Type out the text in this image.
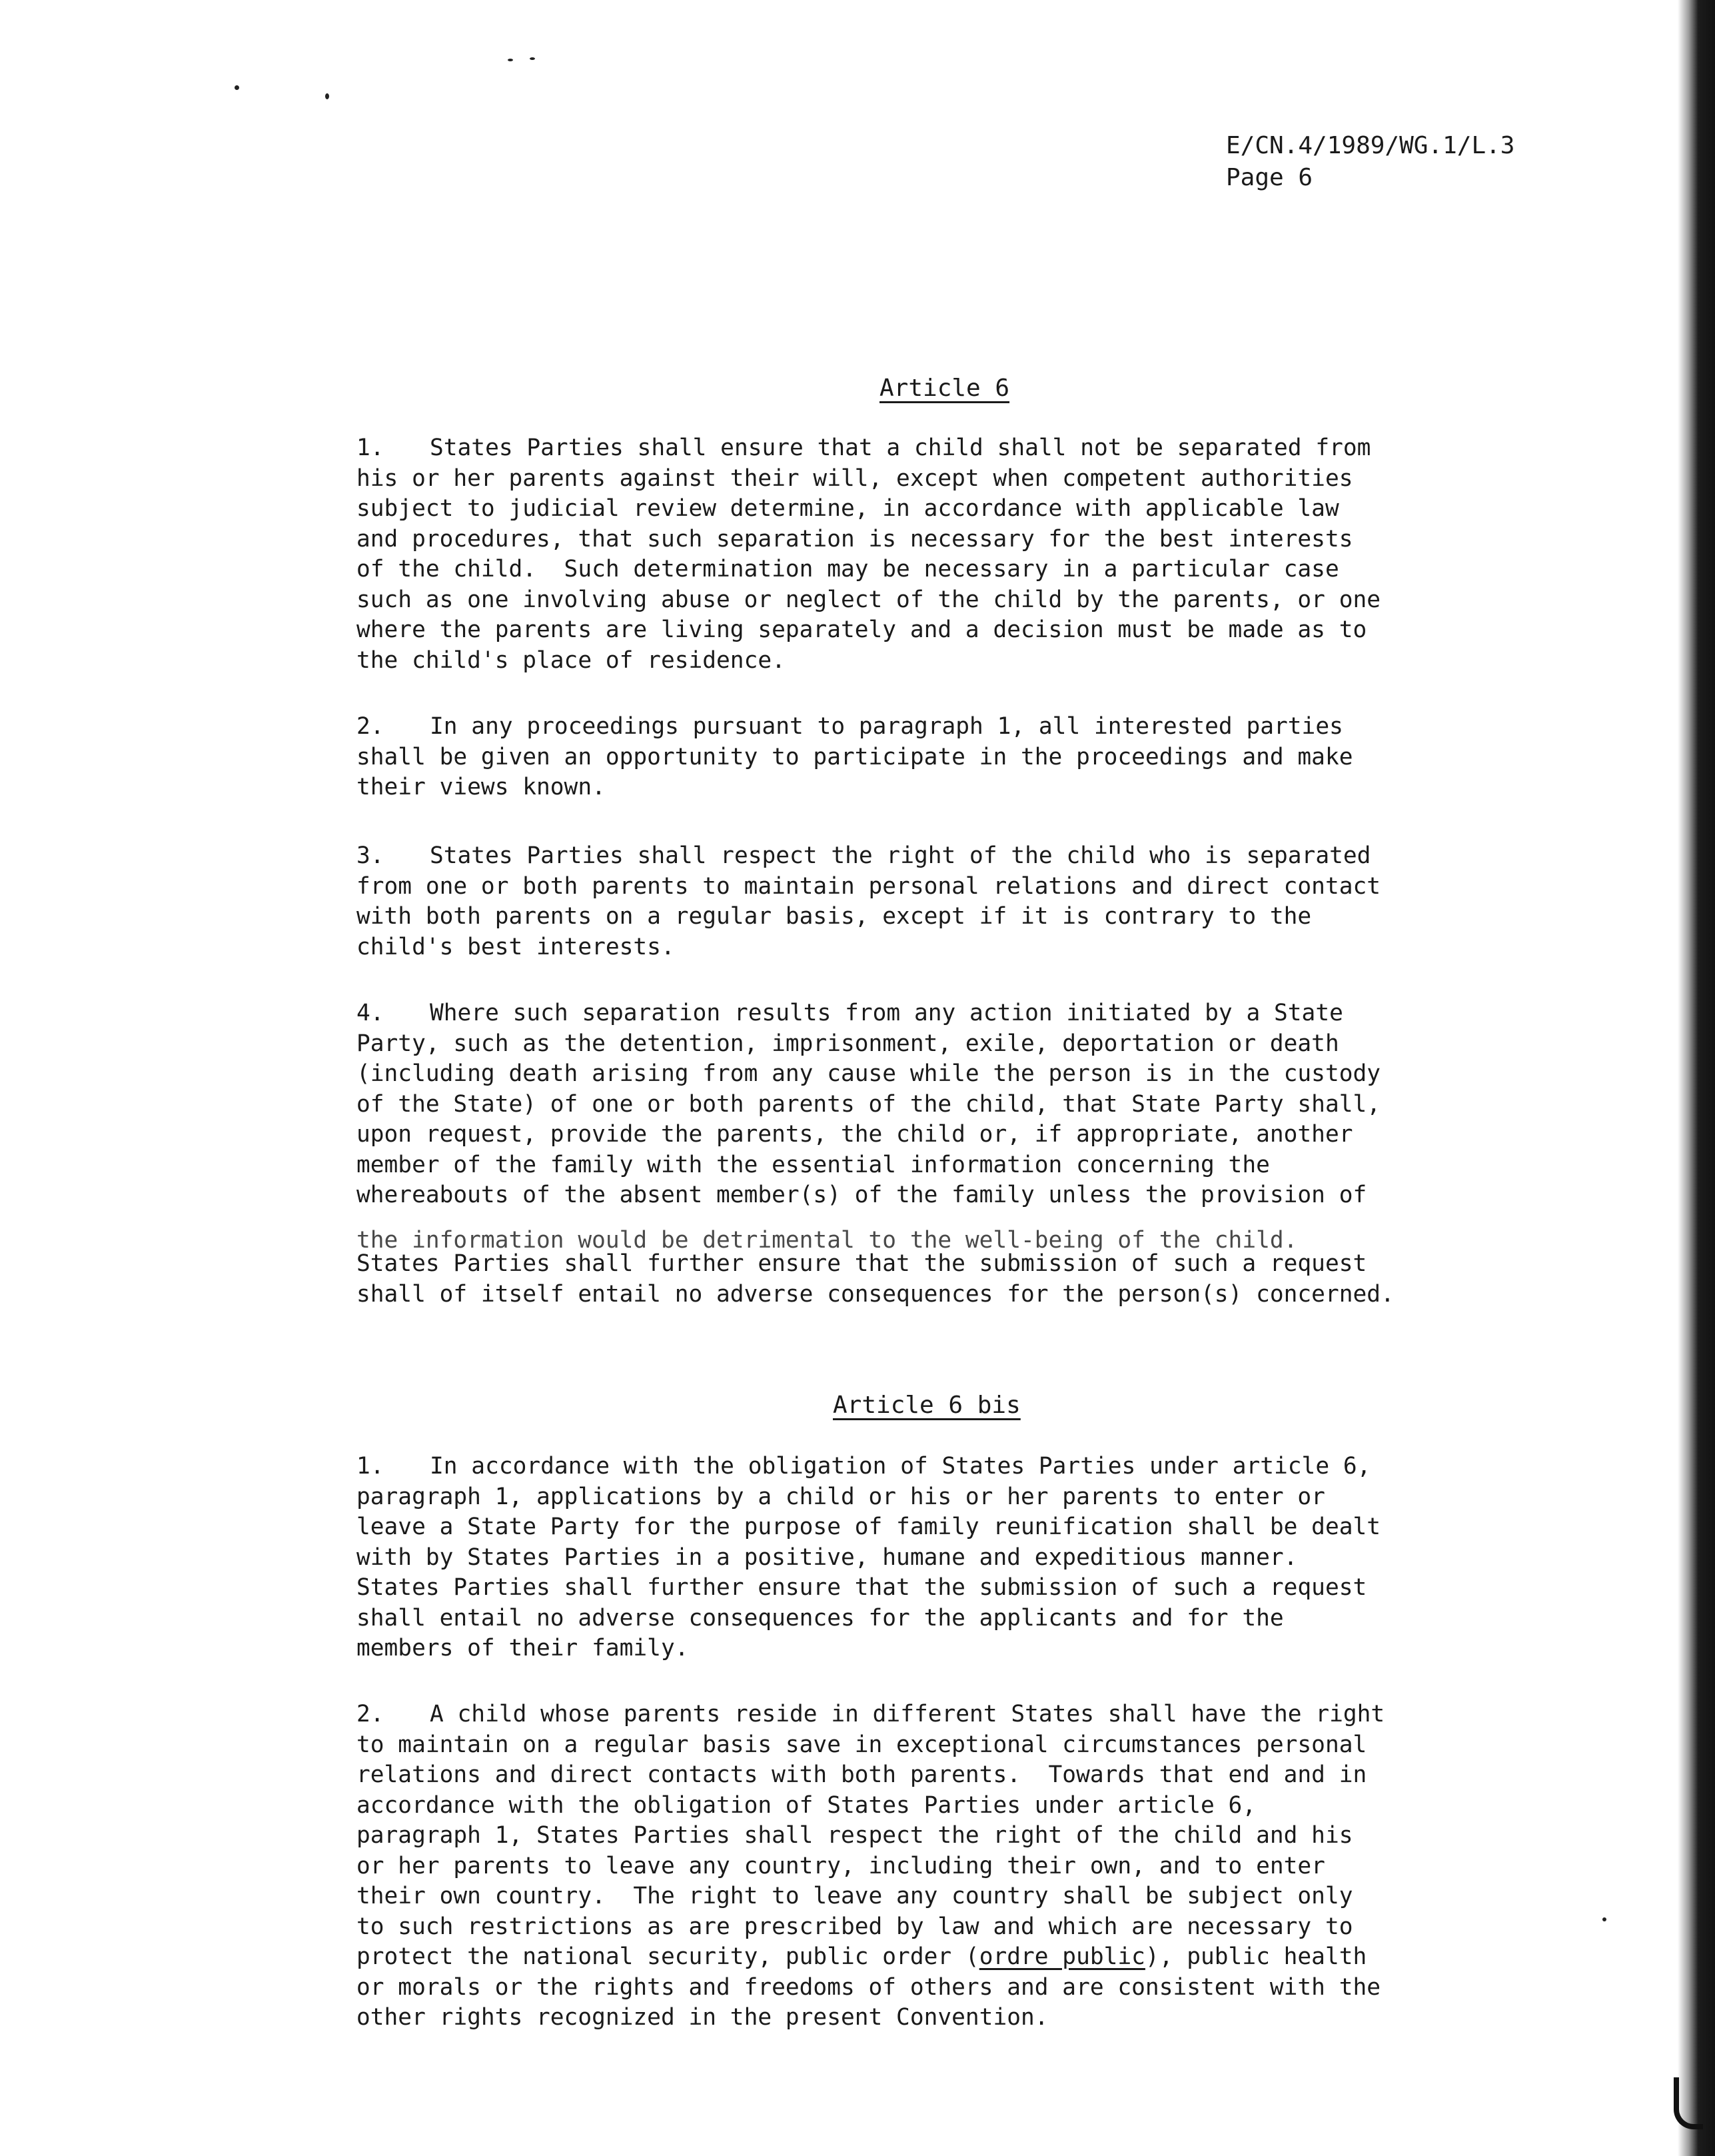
E/CN.4/1989/WG.1/L.3
Page 6
Article 6
1. States Parties shall ensure that a child shall not be separated from
his or her parents against their will, except when competent authorities
subject to judicial review determine, in accordance with applicable law
and procedures, that such separation is necessary for the best interests
of the child.  Such determination may be necessary in a particular case
such as one involving abuse or neglect of the child by the parents, or one
where the parents are living separately and a decision must be made as to
the child's place of residence.
2. In any proceedings pursuant to paragraph 1, all interested parties
shall be given an opportunity to participate in the proceedings and make
their views known.
3. States Parties shall respect the right of the child who is separated
from one or both parents to maintain personal relations and direct contact
with both parents on a regular basis, except if it is contrary to the
child's best interests.
4. Where such separation results from any action initiated by a State
Party, such as the detention, imprisonment, exile, deportation or death
(including death arising from any cause while the person is in the custody
of the State) of one or both parents of the child, that State Party shall,
upon request, provide the parents, the child or, if appropriate, another
member of the family with the essential information concerning the
whereabouts of the absent member(s) of the family unless the provision of
the information would be detrimental to the well-being of the child.
States Parties shall further ensure that the submission of such a request
shall of itself entail no adverse consequences for the person(s) concerned.
Article 6 bis
1. In accordance with the obligation of States Parties under article 6,
paragraph 1, applications by a child or his or her parents to enter or
leave a State Party for the purpose of family reunification shall be dealt
with by States Parties in a positive, humane and expeditious manner.
States Parties shall further ensure that the submission of such a request
shall entail no adverse consequences for the applicants and for the
members of their family.
2. A child whose parents reside in different States shall have the right
to maintain on a regular basis save in exceptional circumstances personal
relations and direct contacts with both parents.  Towards that end and in
accordance with the obligation of States Parties under article 6,
paragraph 1, States Parties shall respect the right of the child and his
or her parents to leave any country, including their own, and to enter
their own country.  The right to leave any country shall be subject only
to such restrictions as are prescribed by law and which are necessary to
protect the national security, public order (ordre public), public health
or morals or the rights and freedoms of others and are consistent with the
other rights recognized in the present Convention.
